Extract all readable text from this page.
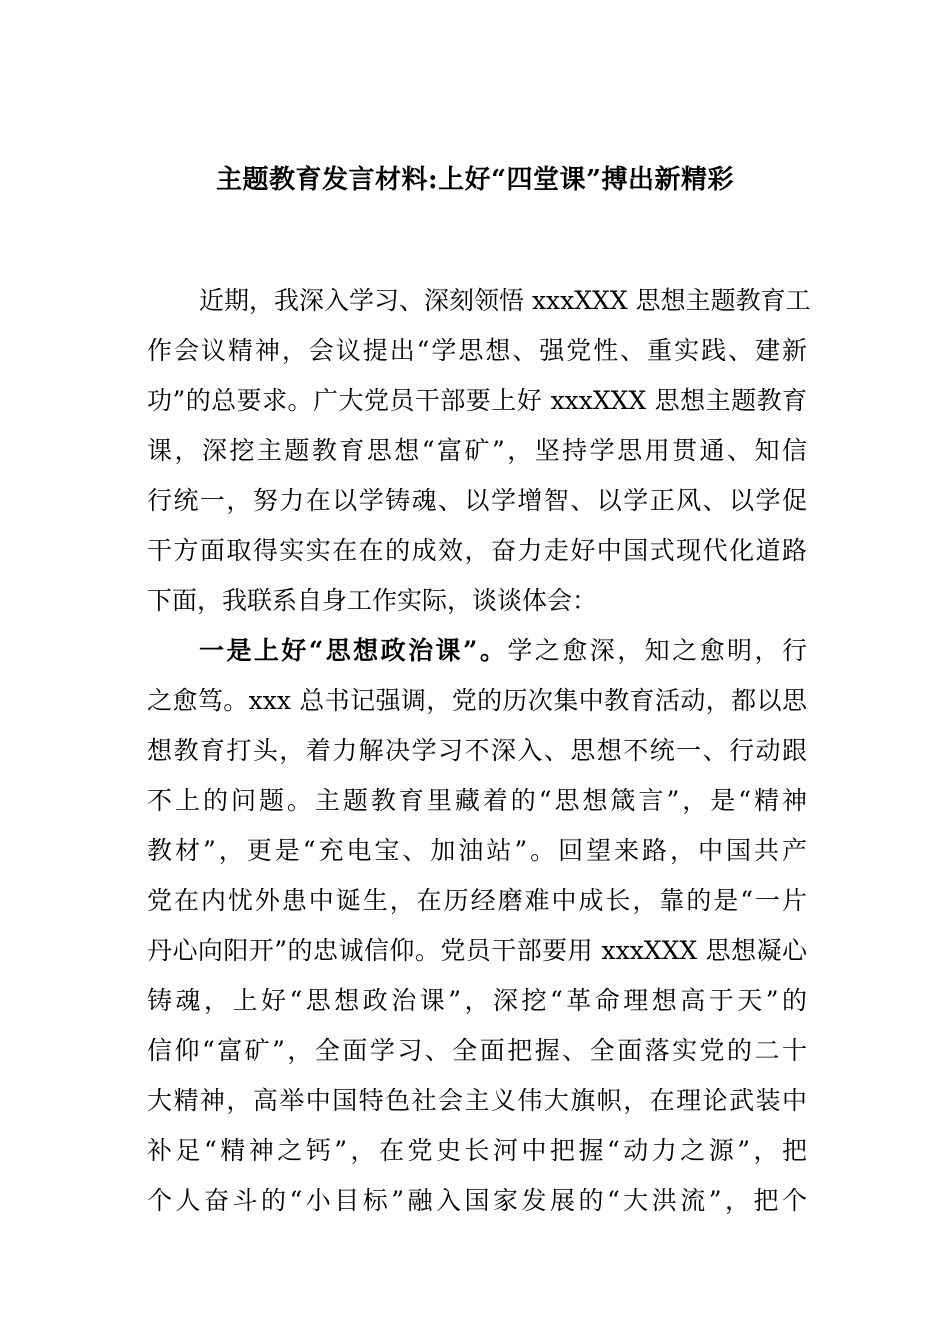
主题教育发言材料:上好“四堂课”搏出新精彩
近期，我深入学习、深刻领悟 xxxXXX 思想主题教育工
作会议精神，会议提出“学思想、强党性、重实践、建新
功”的总要求。广大党员干部要上好 xxxXXX 思想主题教育
课，深挖主题教育思想“富矿”，坚持学思用贯通、知信
行统一，努力在以学铸魂、以学增智、以学正风、以学促
干方面取得实实在在的成效，奋力走好中国式现代化道路
下面，我联系自身工作实际，谈谈体会：
一是上好“思想政治课”。学之愈深，知之愈明，行
之愈笃。xxx 总书记强调，党的历次集中教育活动，都以思
想教育打头，着力解决学习不深入、思想不统一、行动跟
不上的问题。主题教育里藏着的“思想箴言”，是“精神
教材”，更是“充电宝、加油站”。回望来路，中国共产
党在内忧外患中诞生，在历经磨难中成长，靠的是“一片
丹心向阳开”的忠诚信仰。党员干部要用 xxxXXX 思想凝心
铸魂，上好“思想政治课”，深挖“革命理想高于天”的
信仰“富矿”，全面学习、全面把握、全面落实党的二十
大精神，高举中国特色社会主义伟大旗帜，在理论武装中
补足“精神之钙”，在党史长河中把握“动力之源”，把
个人奋斗的“小目标”融入国家发展的“大洪流”，把个
